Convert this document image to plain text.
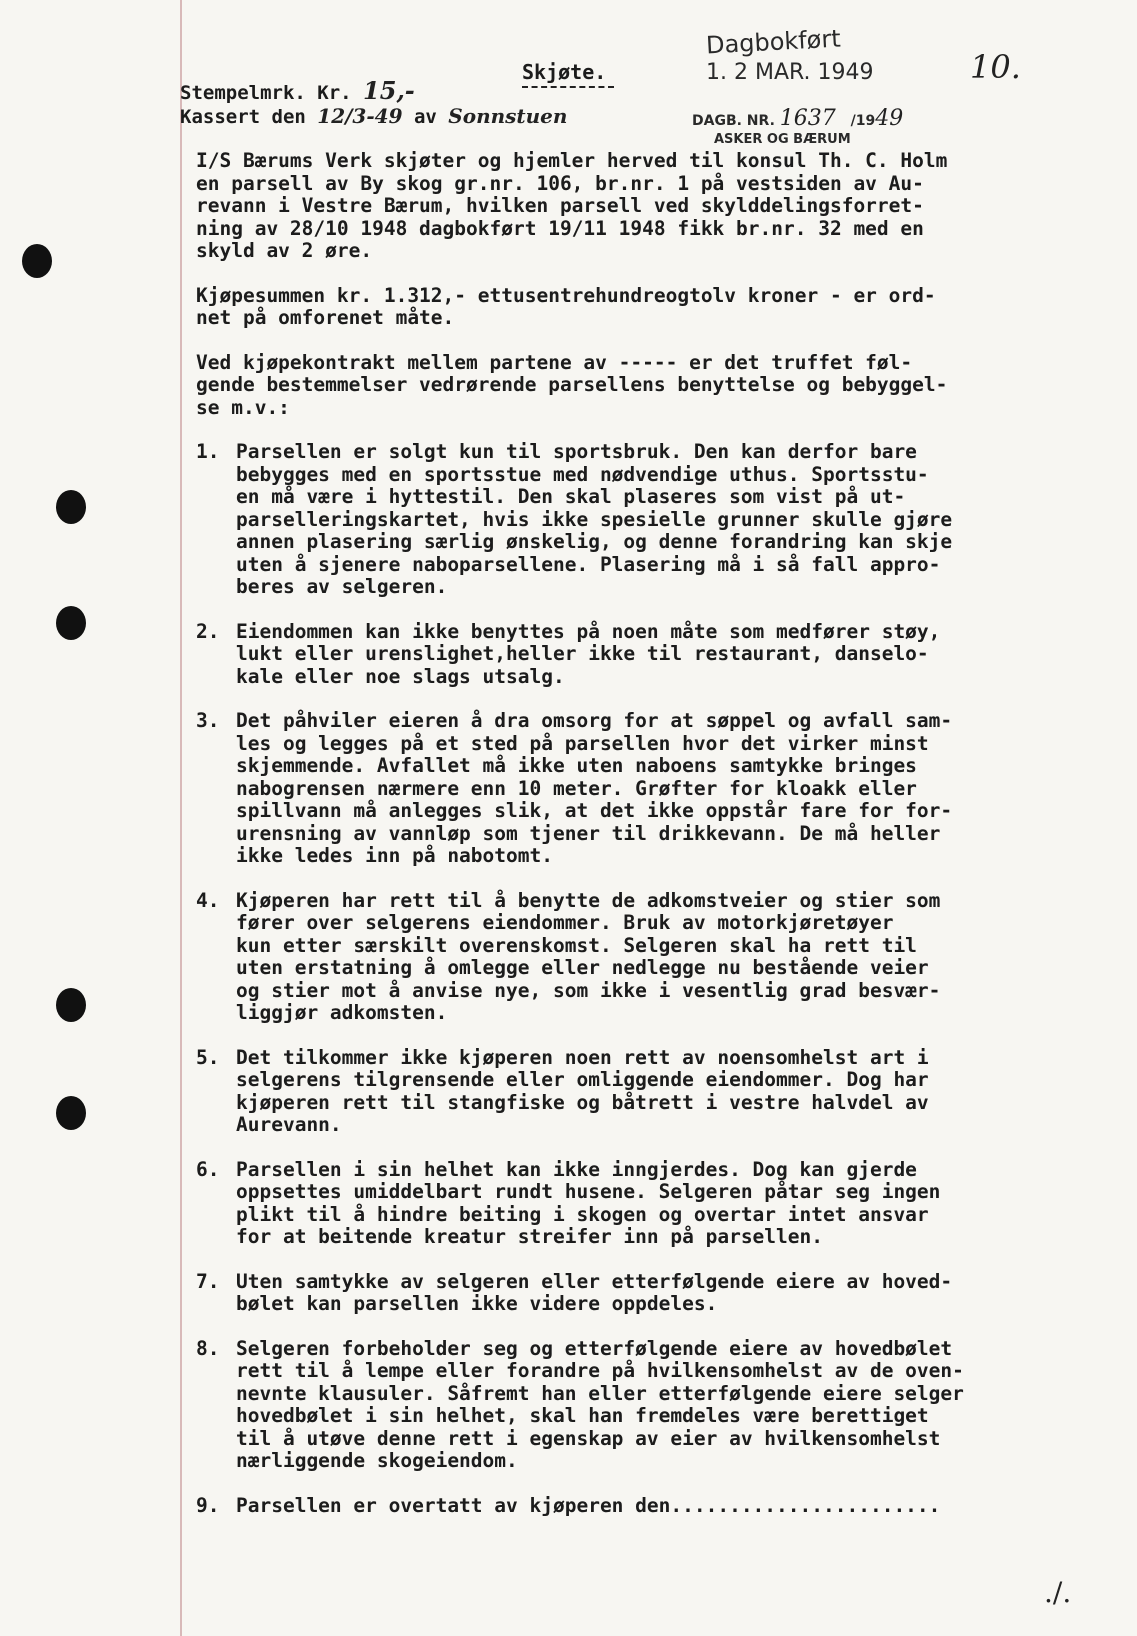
Stempelmrk. Kr. 15,-
Kassert den 12/3-49 av Sonnstuen
Skjøte.
Dagbokført
1. 2 MAR. 1949
DAGB. NR. 1637 /1949
ASKER OG BÆRUM
10.
I/S Bærums Verk skjøter og hjemler herved til konsul Th. C. Holm
en parsell av By skog gr.nr. 106, br.nr. 1 på vestsiden av Au-
revann i Vestre Bærum, hvilken parsell ved skylddelingsforret-
ning av 28/10 1948 dagbokført 19/11 1948 fikk br.nr. 32 med en
skyld av 2 øre.
Kjøpesummen kr. 1.312,- ettusentrehundreogtolv kroner - er ord-
net på omforenet måte.
Ved kjøpekontrakt mellem partene av ----- er det truffet føl-
gende bestemmelser vedrørende parsellens benyttelse og bebyggel-
se m.v.:
1. Parsellen er solgt kun til sportsbruk. Den kan derfor bare
bebygges med en sportsstue med nødvendige uthus. Sportsstu-
en må være i hyttestil. Den skal plaseres som vist på ut-
parselleringskartet, hvis ikke spesielle grunner skulle gjøre
annen plasering særlig ønskelig, og denne forandring kan skje
uten å sjenere naboparsellene. Plasering må i så fall appro-
beres av selgeren.
2. Eiendommen kan ikke benyttes på noen måte som medfører støy,
lukt eller urenslighet,heller ikke til restaurant, danselo-
kale eller noe slags utsalg.
3. Det påhviler eieren å dra omsorg for at søppel og avfall sam-
les og legges på et sted på parsellen hvor det virker minst
skjemmende. Avfallet må ikke uten naboens samtykke bringes
nabogrensen nærmere enn 10 meter. Grøfter for kloakk eller
spillvann må anlegges slik, at det ikke oppstår fare for for-
urensning av vannløp som tjener til drikkevann. De må heller
ikke ledes inn på nabotomt.
4. Kjøperen har rett til å benytte de adkomstveier og stier som
fører over selgerens eiendommer. Bruk av motorkjøretøyer
kun etter særskilt overenskomst. Selgeren skal ha rett til
uten erstatning å omlegge eller nedlegge nu bestående veier
og stier mot å anvise nye, som ikke i vesentlig grad besvær-
liggjør adkomsten.
5. Det tilkommer ikke kjøperen noen rett av noensomhelst art i
selgerens tilgrensende eller omliggende eiendommer. Dog har
kjøperen rett til stangfiske og båtrett i vestre halvdel av
Aurevann.
6. Parsellen i sin helhet kan ikke inngjerdes. Dog kan gjerde
oppsettes umiddelbart rundt husene. Selgeren påtar seg ingen
plikt til å hindre beiting i skogen og overtar intet ansvar
for at beitende kreatur streifer inn på parsellen.
7. Uten samtykke av selgeren eller etterfølgende eiere av hoved-
bølet kan parsellen ikke videre oppdeles.
8. Selgeren forbeholder seg og etterfølgende eiere av hovedbølet
rett til å lempe eller forandre på hvilkensomhelst av de oven-
nevnte klausuler. Såfremt han eller etterfølgende eiere selger
hovedbølet i sin helhet, skal han fremdeles være berettiget
til å utøve denne rett i egenskap av eier av hvilkensomhelst
nærliggende skogeiendom.
9. Parsellen er overtatt av kjøperen den.......................
./.
